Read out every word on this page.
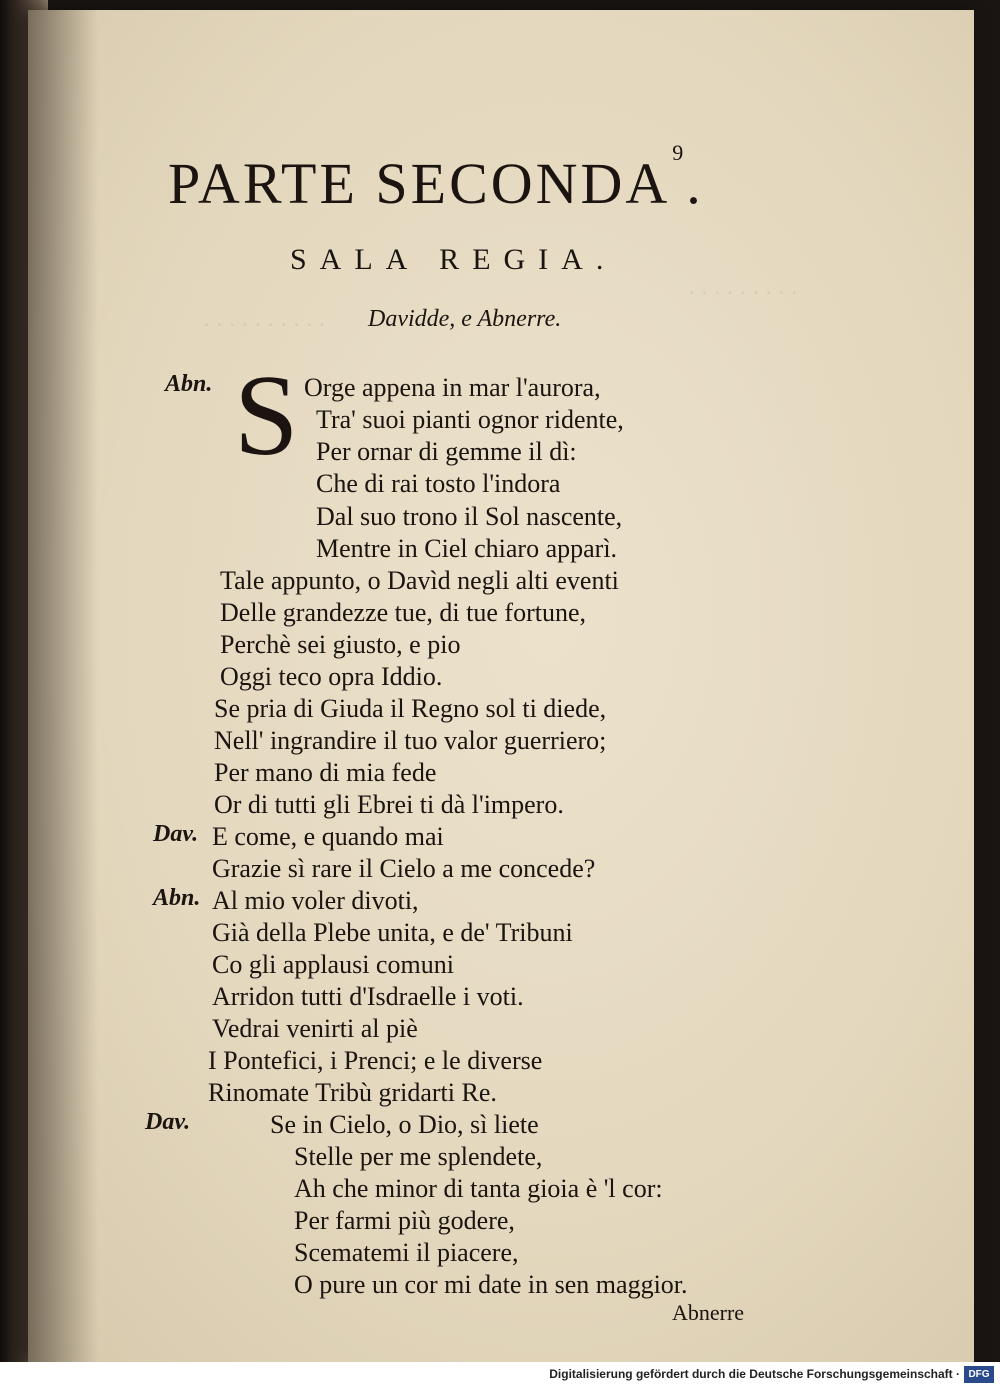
· · · · · · · · ·
· · · · · · · · · ·
PARTE SECONDA$^9$.
SALA REGIA.
Davidde, e Abnerre.
Abn. S Orge appena in mar l'aurora,
Tra' suoi pianti ognor ridente,
Per ornar di gemme il dì:
Che di rai tosto l'indora
Dal suo trono il Sol nascente,
Mentre in Ciel chiaro apparì.
Tale appunto, o Davìd negli alti eventi
Delle grandezze tue, di tue fortune,
Perchè sei giusto, e pio
Oggi teco opra Iddio.
Se pria di Giuda il Regno sol ti diede,
Nell' ingrandire il tuo valor guerriero;
Per mano di mia fede
Or di tutti gli Ebrei ti dà l'impero.
Dav. E come, e quando mai
Grazie sì rare il Cielo a me concede?
Abn. Al mio voler divoti,
Già della Plebe unita, e de' Tribuni
Co gli applausi comuni
Arridon tutti d'Isdraelle i voti.
Vedrai venirti al piè
I Pontefici, i Prenci; e le diverse
Rinomate Tribù gridarti Re.
Dav.	Se in Cielo, o Dio, sì liete
Stelle per me splendete,
Ah che minor di tanta gioia è 'l cor:
Per farmi più godere,
Scematemi il piacere,
O pure un cor mi date in sen maggior.
Abnerre
Digitalisierung gefördert durch die Deutsche Forschungsgemeinschaft · DFG
